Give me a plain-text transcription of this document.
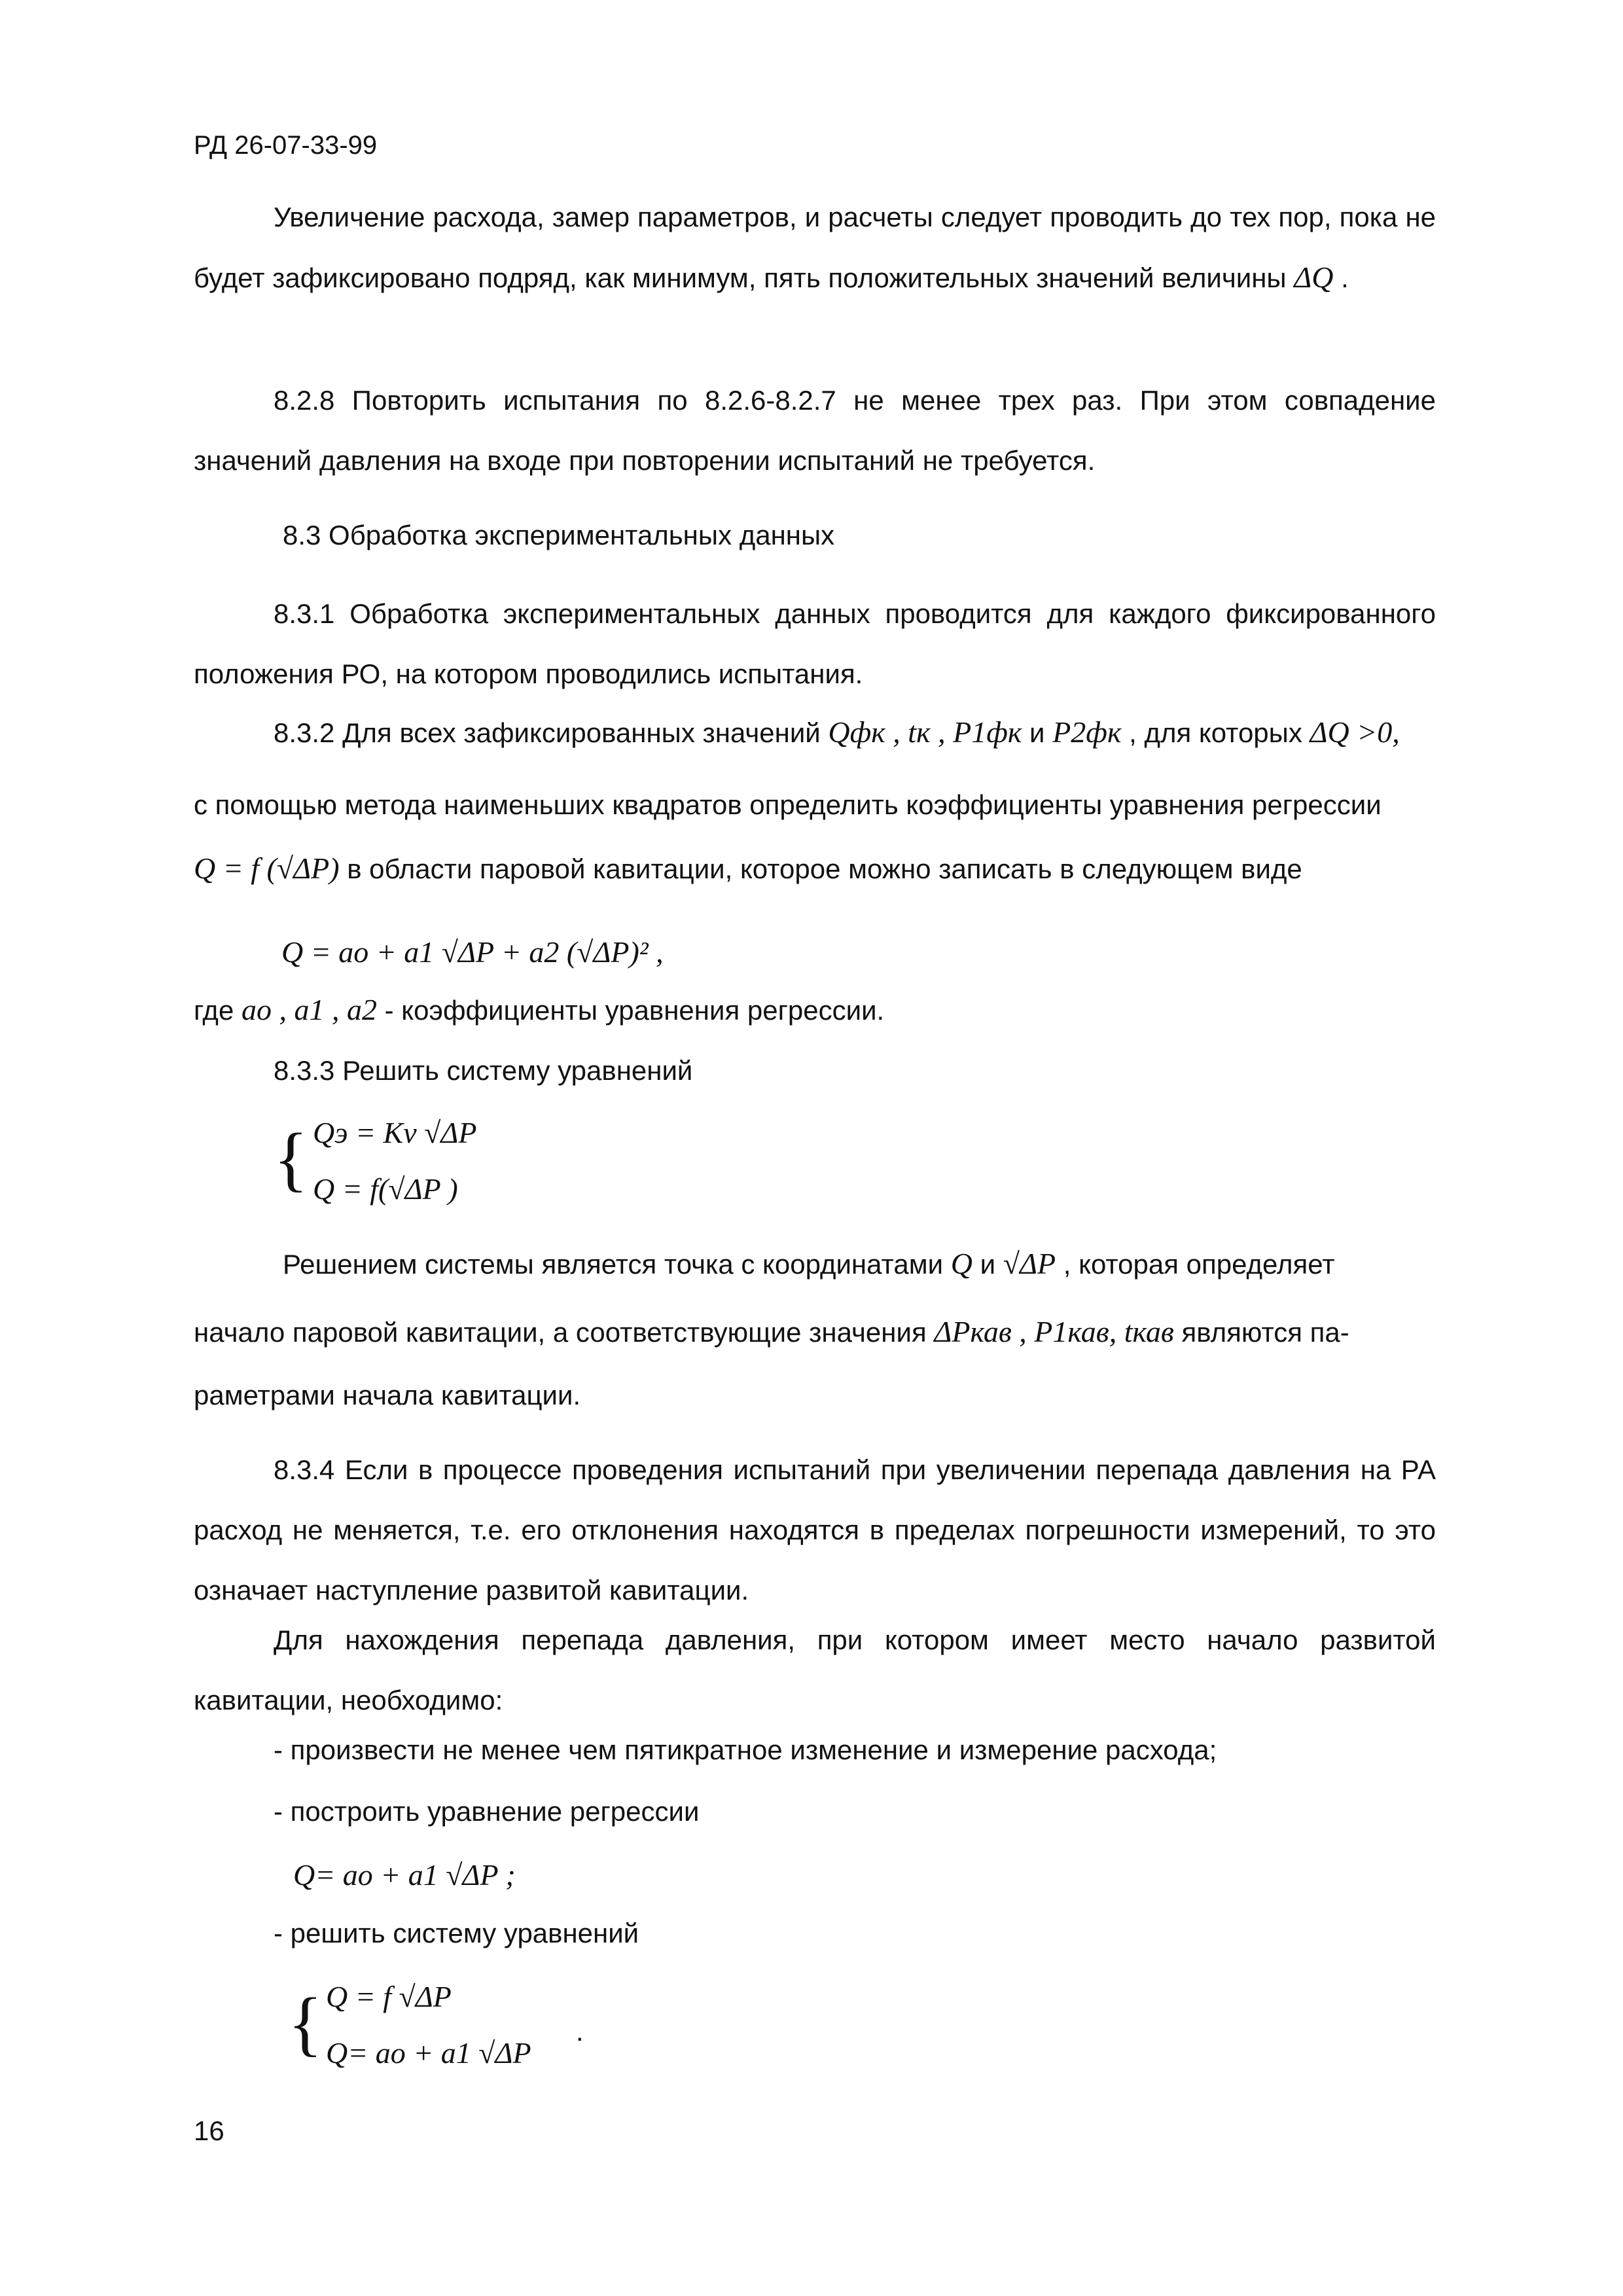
РД 26-07-33-99
Увеличение расхода, замер параметров, и расчеты следует проводить до тех пор, пока не будет зафиксировано подряд, как минимум, пять положительных значений величины ΔQ .
8.2.8 Повторить испытания по 8.2.6-8.2.7 не менее трех раз. При этом совпадение значений давления на входе при повторении испытаний не требуется.
8.3 Обработка экспериментальных данных
8.3.1 Обработка экспериментальных данных проводится для каждого фиксированного положения РО, на котором проводились испытания.
8.3.2 Для всех зафиксированных значений Qфк , tк , P1фк и P2фк , для которых ΔQ >0,
с помощью метода наименьших квадратов определить коэффициенты уравнения регрессии
Q = f (√ΔP) в области паровой кавитации, которое можно записать в следующем виде
Q = aо + a1 √ΔP + a2 (√ΔP)² ,
где aо , a1 , a2 - коэффициенты уравнения регрессии.
8.3.3 Решить систему уравнений
{ Qэ = Kv √ΔP
Q = f(√ΔP )
Решением системы является точка с координатами Q и √ΔP , которая определяет
начало паровой кавитации, а соответствующие значения ΔPкав , P1кав, tкав являются па-
раметрами начала кавитации.
8.3.4 Если в процессе проведения испытаний при увеличении перепада давления на РА расход не меняется, т.е. его отклонения находятся в пределах погрешности измерений, то это означает наступление развитой кавитации.
Для нахождения перепада давления, при котором имеет место начало развитой кавитации, необходимо:
- произвести не менее чем пятикратное изменение и измерение расхода;
- построить уравнение регрессии
Q= aо + a1 √ΔP ;
- решить систему уравнений
{ Q = f √ΔP
Q= aо + a1 √ΔP
.
16
